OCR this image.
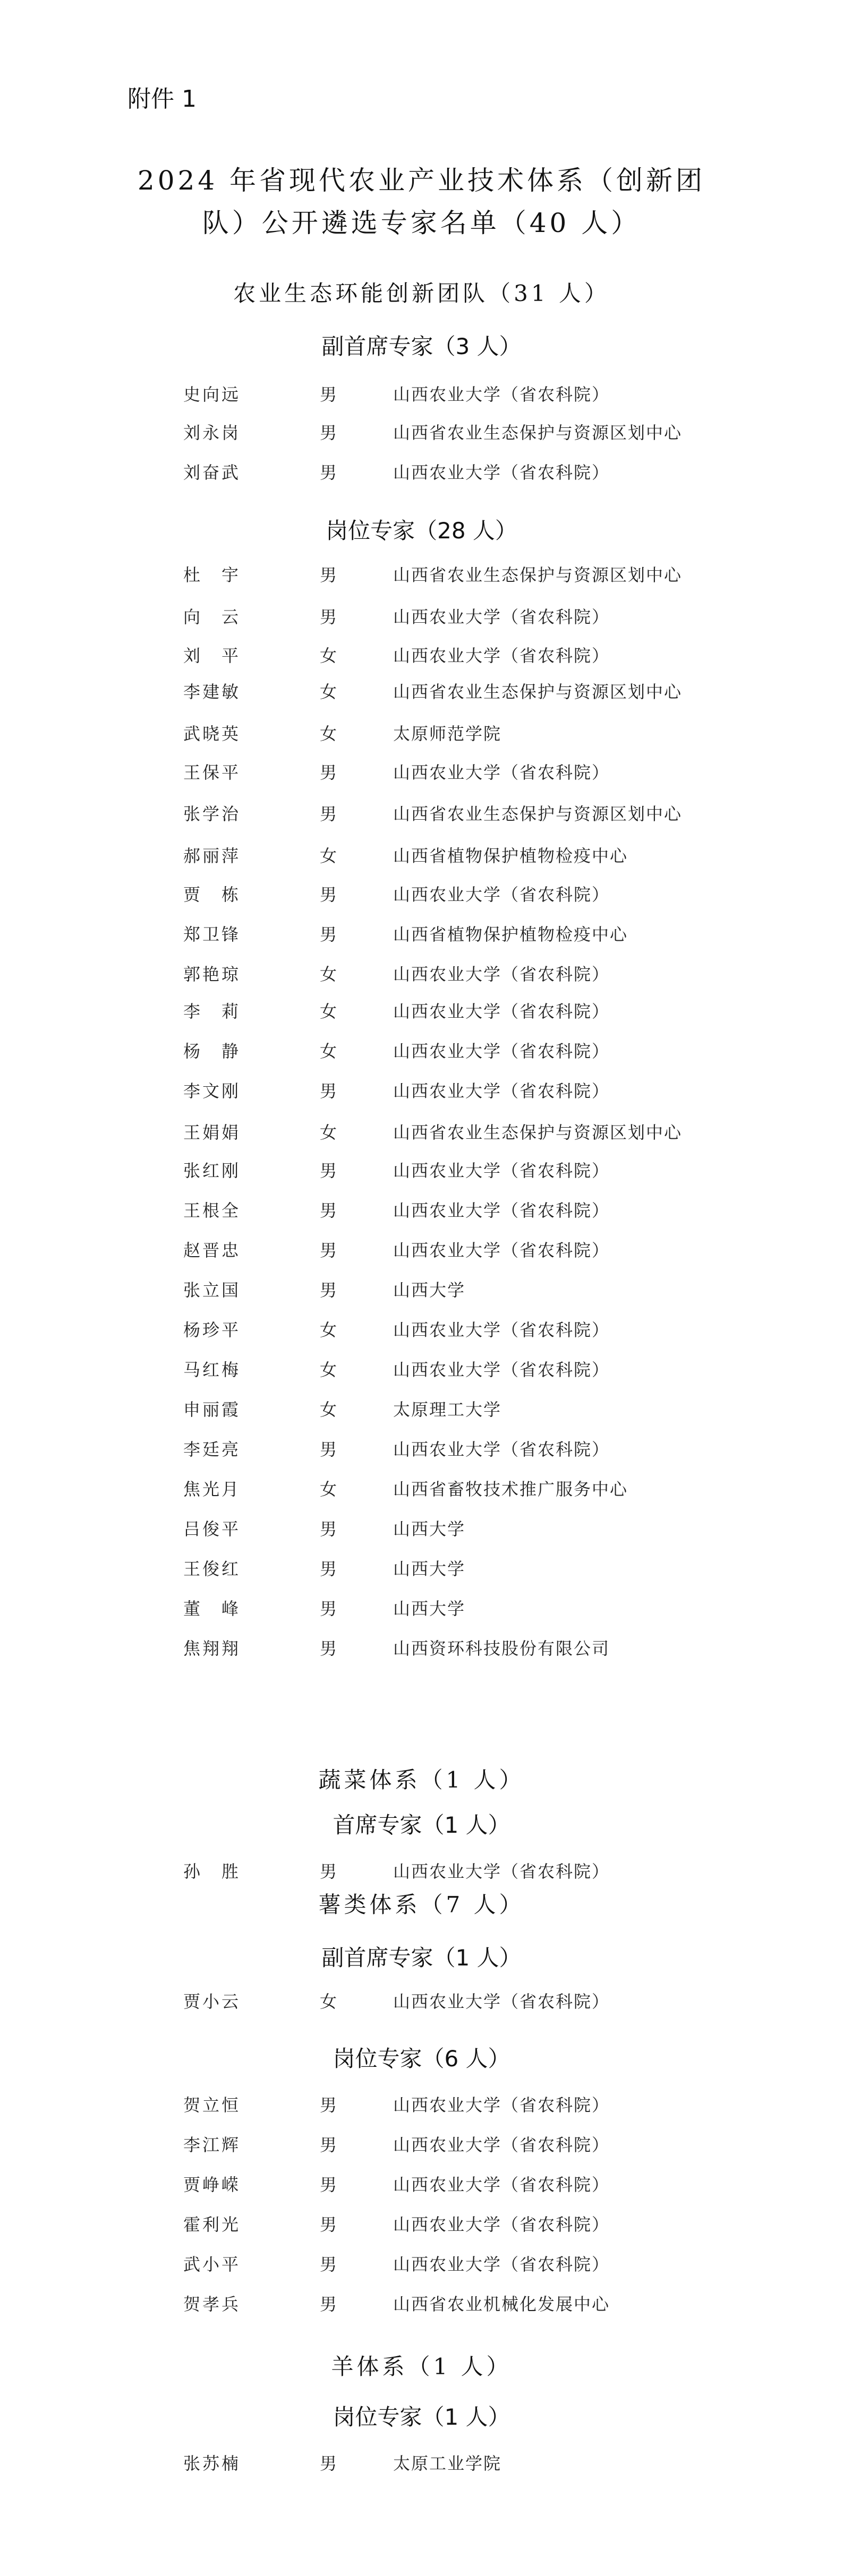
附件 1
2024 年省现代农业产业技术体系（创新团
队）公开遴选专家名单（40 人）
农业生态环能创新团队（31 人）
副首席专家（3 人）
史向远	男	山西农业大学（省农科院）
刘永岗	男	山西省农业生态保护与资源区划中心
刘奋武	男	山西农业大学（省农科院）
岗位专家（28 人）
杜　宇	男	山西省农业生态保护与资源区划中心
向　云	男	山西农业大学（省农科院）
刘　平	女	山西农业大学（省农科院）
李建敏	女	山西省农业生态保护与资源区划中心
武晓英	女	太原师范学院
王保平	男	山西农业大学（省农科院）
张学治	男	山西省农业生态保护与资源区划中心
郝丽萍	女	山西省植物保护植物检疫中心
贾　栋	男	山西农业大学（省农科院）
郑卫锋	男	山西省植物保护植物检疫中心
郭艳琼	女	山西农业大学（省农科院）
李　莉	女	山西农业大学（省农科院）
杨　静	女	山西农业大学（省农科院）
李文刚	男	山西农业大学（省农科院）
王娟娟	女	山西省农业生态保护与资源区划中心
张红刚	男	山西农业大学（省农科院）
王根全	男	山西农业大学（省农科院）
赵晋忠	男	山西农业大学（省农科院）
张立国	男	山西大学
杨珍平	女	山西农业大学（省农科院）
马红梅	女	山西农业大学（省农科院）
申丽霞	女	太原理工大学
李廷亮	男	山西农业大学（省农科院）
焦光月	女	山西省畜牧技术推广服务中心
吕俊平	男	山西大学
王俊红	男	山西大学
董　峰	男	山西大学
焦翔翔	男	山西资环科技股份有限公司
蔬菜体系（1 人）
首席专家（1 人）
孙　胜	男	山西农业大学（省农科院）
薯类体系（7 人）
副首席专家（1 人）
贾小云	女	山西农业大学（省农科院）
岗位专家（6 人）
贺立恒	男	山西农业大学（省农科院）
李江辉	男	山西农业大学（省农科院）
贾峥嵘	男	山西农业大学（省农科院）
霍利光	男	山西农业大学（省农科院）
武小平	男	山西农业大学（省农科院）
贺孝兵	男	山西省农业机械化发展中心
羊体系（1 人）
岗位专家（1 人）
张苏楠	男	太原工业学院
